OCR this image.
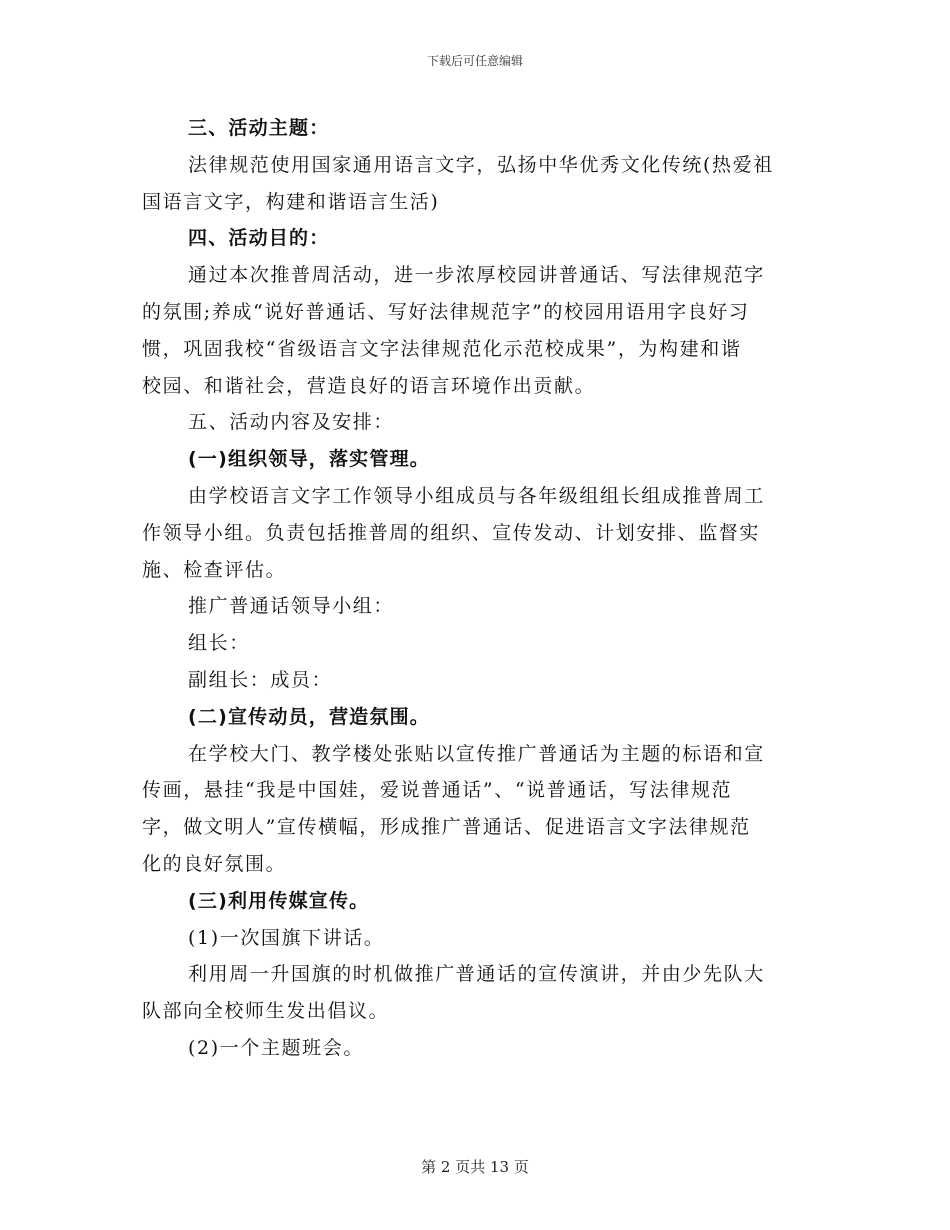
下载后可任意编辑
三、活动主题：
法律规范使用国家通用语言文字，弘扬中华优秀文化传统(热爱祖
国语言文字，构建和谐语言生活)
四、活动目的：
通过本次推普周活动，进一步浓厚校园讲普通话、写法律规范字
的氛围;养成“说好普通话、写好法律规范字”的校园用语用字良好习
惯，巩固我校“省级语言文字法律规范化示范校成果”，为构建和谐
校园、和谐社会，营造良好的语言环境作出贡献。
五、活动内容及安排：
(一)组织领导，落实管理。
由学校语言文字工作领导小组成员与各年级组组长组成推普周工
作领导小组。负责包括推普周的组织、宣传发动、计划安排、监督实
施、检查评估。
推广普通话领导小组：
组长：
副组长：成员：
(二)宣传动员，营造氛围。
在学校大门、教学楼处张贴以宣传推广普通话为主题的标语和宣
传画，悬挂“我是中国娃，爱说普通话”、“说普通话，写法律规范
字，做文明人”宣传横幅，形成推广普通话、促进语言文字法律规范
化的良好氛围。
(三)利用传媒宣传。
(1)一次国旗下讲话。
利用周一升国旗的时机做推广普通话的宣传演讲，并由少先队大
队部向全校师生发出倡议。
(2)一个主题班会。
第 2 页共 13 页
